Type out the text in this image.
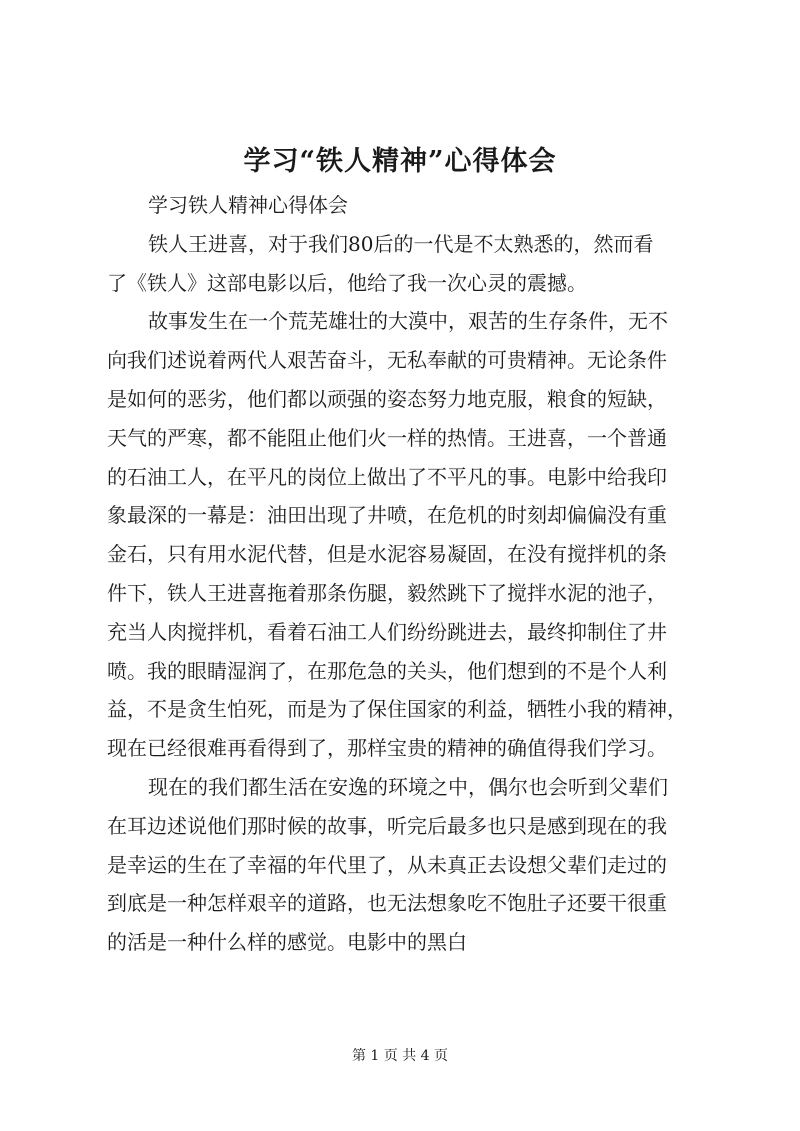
学习“铁人精神”心得体会
学习铁人精神心得体会
铁人王进喜，对于我们80后的一代是不太熟悉的，然而看
了《铁人》这部电影以后，他给了我一次心灵的震撼。
故事发生在一个荒芜雄壮的大漠中，艰苦的生存条件，无不
向我们述说着两代人艰苦奋斗，无私奉献的可贵精神。无论条件
是如何的恶劣，他们都以顽强的姿态努力地克服，粮食的短缺，
天气的严寒，都不能阻止他们火一样的热情。王进喜，一个普通
的石油工人，在平凡的岗位上做出了不平凡的事。电影中给我印
象最深的一幕是：油田出现了井喷，在危机的时刻却偏偏没有重
金石，只有用水泥代替，但是水泥容易凝固，在没有搅拌机的条
件下，铁人王进喜拖着那条伤腿，毅然跳下了搅拌水泥的池子，
充当人肉搅拌机，看着石油工人们纷纷跳进去，最终抑制住了井
喷。我的眼睛湿润了，在那危急的关头，他们想到的不是个人利
益，不是贪生怕死，而是为了保住国家的利益，牺牲小我的精神，
现在已经很难再看得到了，那样宝贵的精神的确值得我们学习。
现在的我们都生活在安逸的环境之中，偶尔也会听到父辈们
在耳边述说他们那时候的故事，听完后最多也只是感到现在的我
是幸运的生在了幸福的年代里了，从未真正去设想父辈们走过的
到底是一种怎样艰辛的道路，也无法想象吃不饱肚子还要干很重
的活是一种什么样的感觉。电影中的黑白
第 1 页 共 4 页
